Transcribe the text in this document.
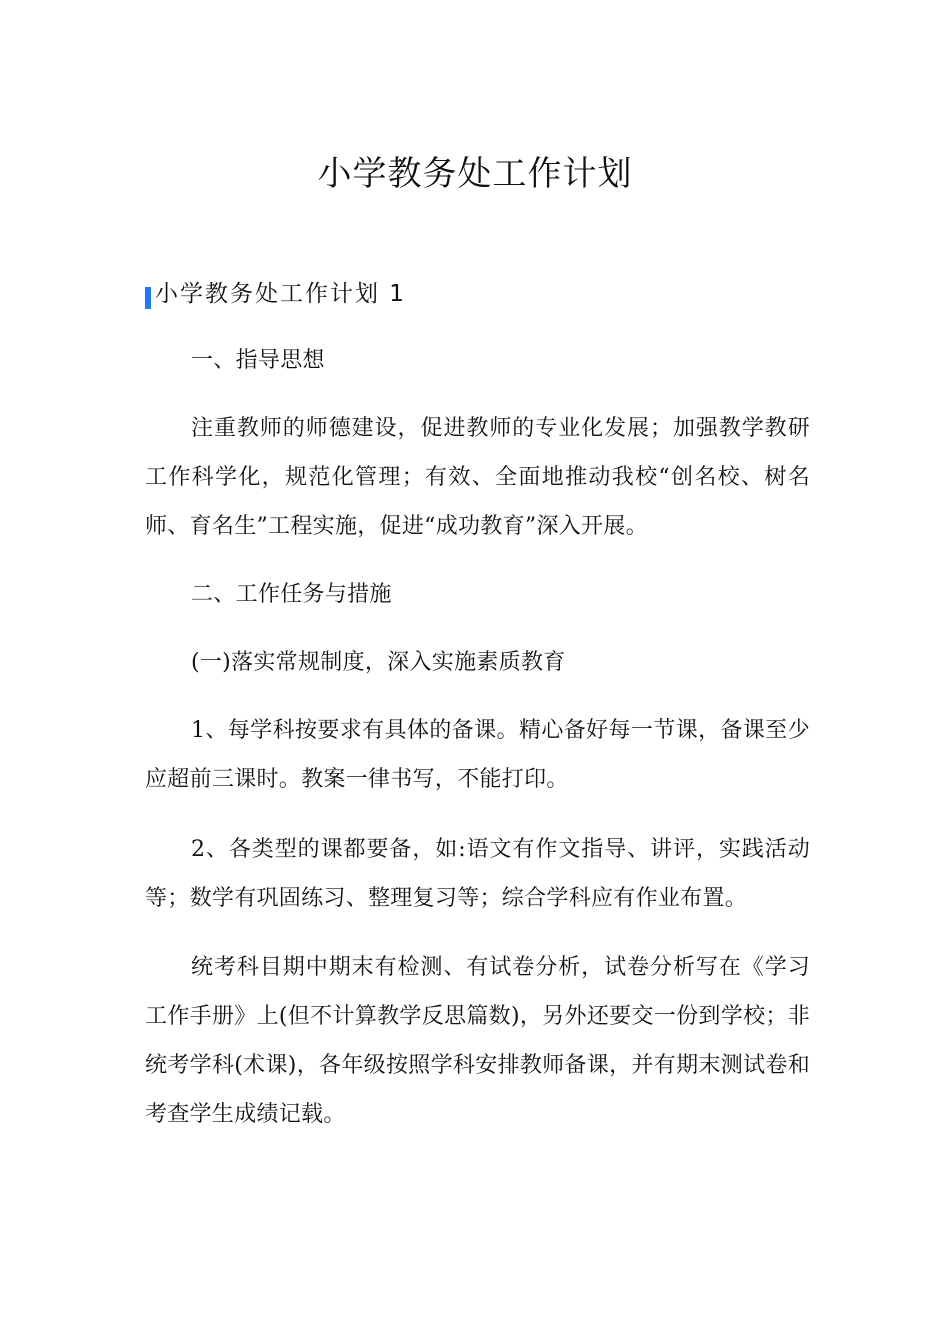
小学教务处工作计划
小学教务处工作计划 1

一、指导思想

注重教师的师德建设，促进教师的专业化发展；加强教学教研工作科学化，规范化管理；有效、全面地推动我校“创名校、树名师、育名生”工程实施，促进“成功教育”深入开展。

二、工作任务与措施

(一)落实常规制度，深入实施素质教育

1、每学科按要求有具体的备课。精心备好每一节课，备课至少应超前三课时。教案一律书写，不能打印。

2、各类型的课都要备，如:语文有作文指导、讲评，实践活动等；数学有巩固练习、整理复习等；综合学科应有作业布置。

统考科目期中期末有检测、有试卷分析，试卷分析写在《学习工作手册》上(但不计算教学反思篇数)，另外还要交一份到学校；非统考学科(术课)，各年级按照学科安排教师备课，并有期末测试卷和考查学生成绩记载。
